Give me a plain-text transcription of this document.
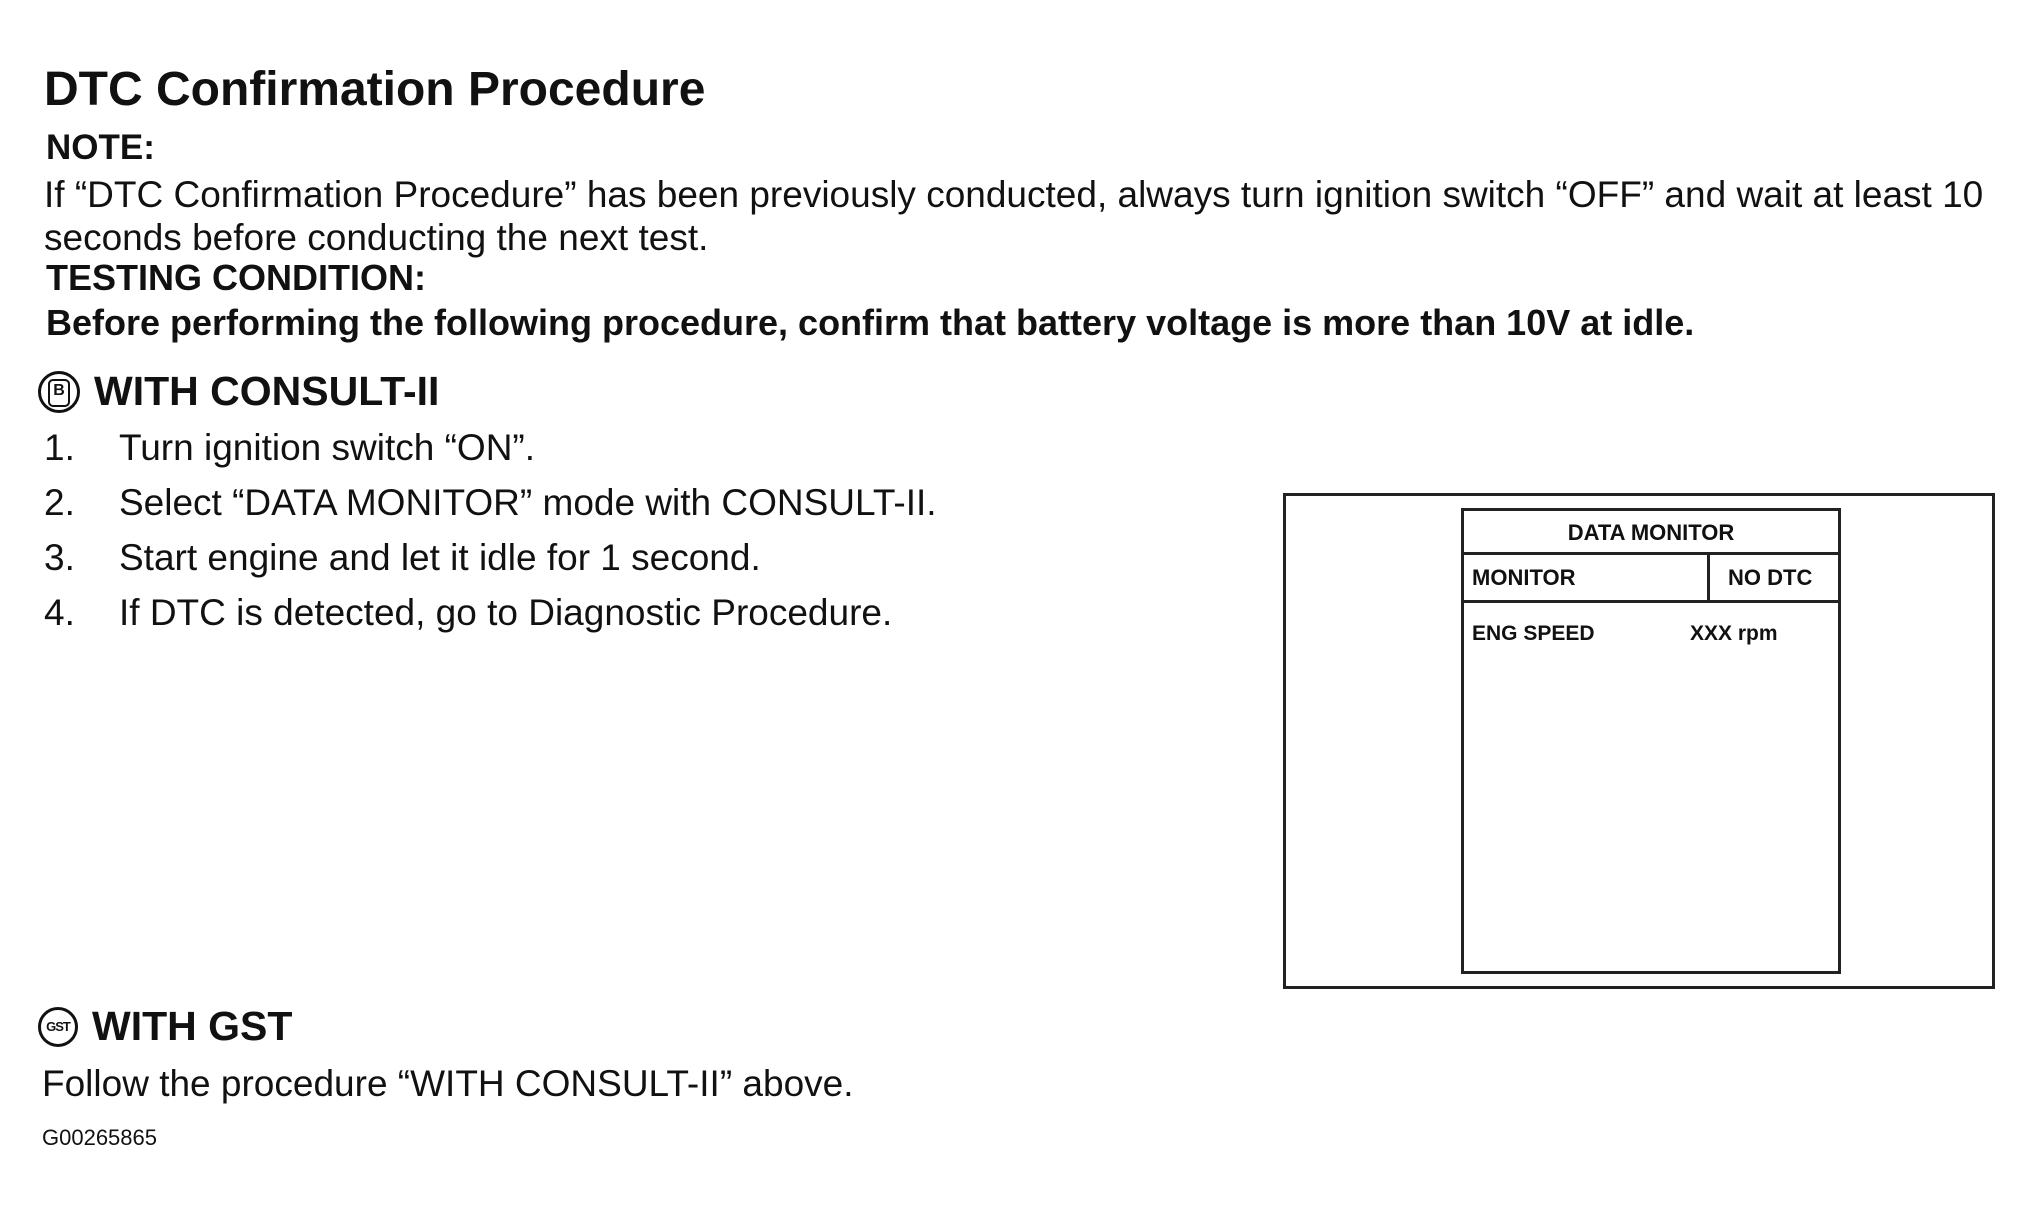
DTC Confirmation Procedure
NOTE:
If “DTC Confirmation Procedure” has been previously conducted, always turn ignition switch “OFF” and wait at least 10 seconds before conducting the next test.
TESTING CONDITION:
Before performing the following procedure, confirm that battery voltage is more than 10V at idle.
B WITH CONSULT-II
1.	Turn ignition switch “ON”.
2.	Select “DATA MONITOR” mode with CONSULT-II.
3.	Start engine and let it idle for 1 second.
4.	If DTC is detected, go to Diagnostic Procedure.
DATA MONITOR
MONITOR	NO DTC
ENG SPEED	XXX rpm
GST WITH GST
Follow the procedure “WITH CONSULT-II” above.
G00265865
